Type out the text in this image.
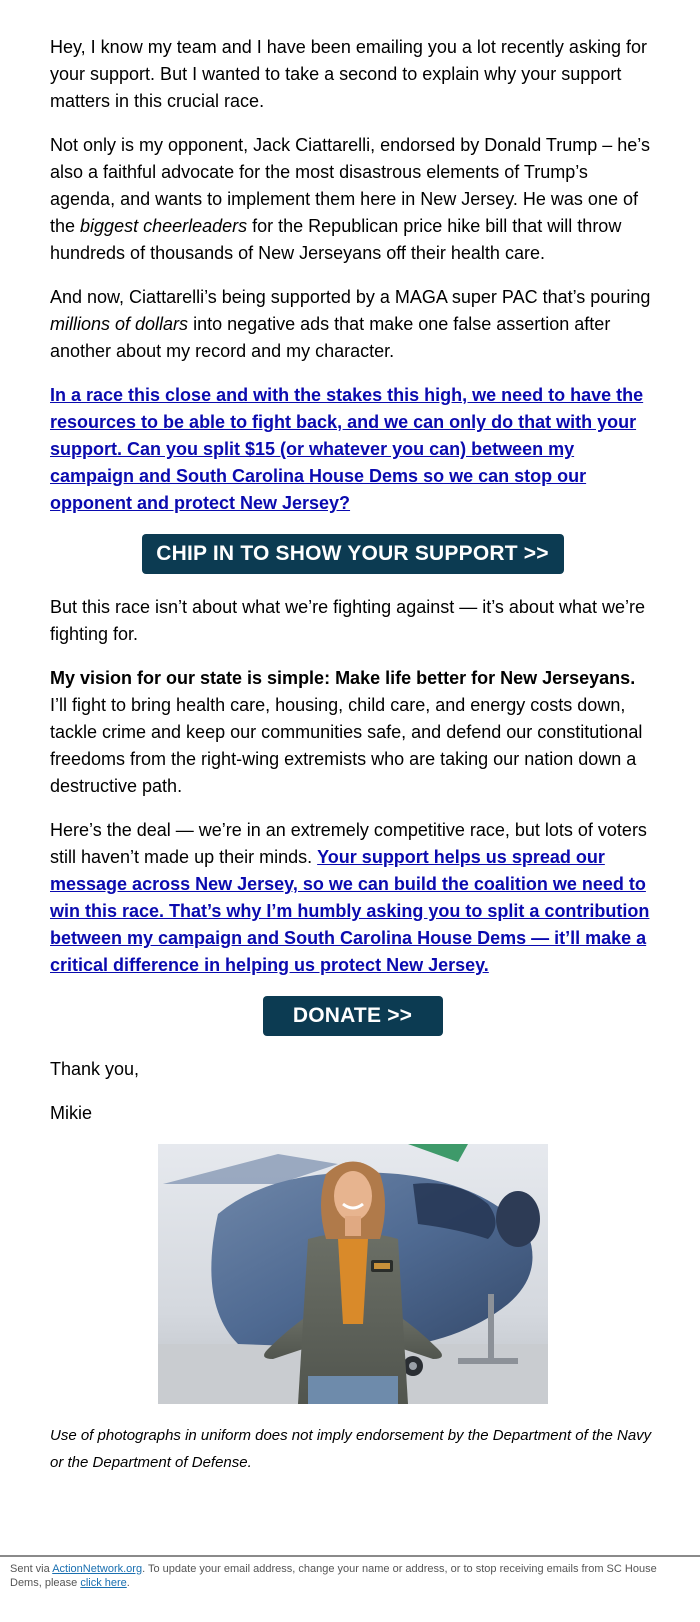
Hey, I know my team and I have been emailing you a lot recently asking for your support. But I wanted to take a second to explain why your support matters in this crucial race.

Not only is my opponent, Jack Ciattarelli, endorsed by Donald Trump – he’s also a faithful advocate for the most disastrous elements of Trump’s agenda, and wants to implement them here in New Jersey. He was one of the biggest cheerleaders for the Republican price hike bill that will throw hundreds of thousands of New Jerseyans off their health care.

And now, Ciattarelli’s being supported by a MAGA super PAC that’s pouring millions of dollars into negative ads that make one false assertion after another about my record and my character.

In a race this close and with the stakes this high, we need to have the resources to be able to fight back, and we can only do that with your support. Can you split $15 (or whatever you can) between my campaign and South Carolina House Dems so we can stop our opponent and protect New Jersey?

CHIP IN TO SHOW YOUR SUPPORT >>

But this race isn’t about what we’re fighting against — it’s about what we’re fighting for.

My vision for our state is simple: Make life better for New Jerseyans. I’ll fight to bring health care, housing, child care, and energy costs down, tackle crime and keep our communities safe, and defend our constitutional freedoms from the right-wing extremists who are taking our nation down a destructive path.

Here’s the deal — we’re in an extremely competitive race, but lots of voters still haven’t made up their minds. Your support helps us spread our message across New Jersey, so we can build the coalition we need to win this race. That’s why I’m humbly asking you to split a contribution between my campaign and South Carolina House Dems — it’ll make a critical difference in helping us protect New Jersey.

DONATE >>

Thank you,

Mikie

Use of photographs in uniform does not imply endorsement by the Department of the Navy or the Department of Defense.

Sent via ActionNetwork.org. To update your email address, change your name or address, or to stop receiving emails from SC House Dems, please click here.
